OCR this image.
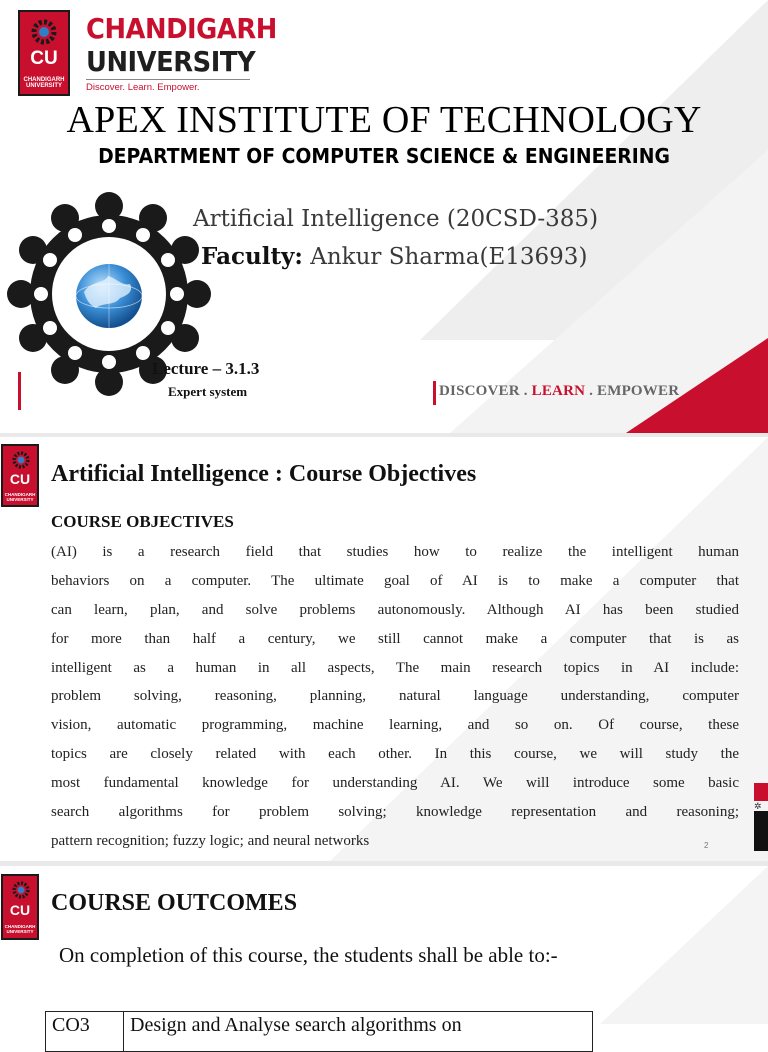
CU
CHANDIGARH
UNIVERSITY
CHANDIGARH
UNIVERSITY
Discover. Learn. Empower.
APEX INSTITUTE OF TECHNOLOGY
DEPARTMENT OF COMPUTER SCIENCE & ENGINEERING
Artificial Intelligence (20CSD-385)
Faculty: Ankur Sharma(E13693)
Lecture – 3.1.3
Expert system	DISCOVER . LEARN . EMPOWER
CU
CHANDIGARH
UNIVERSITY
Artificial Intelligence : Course Objectives
COURSE OBJECTIVES
(AI) is a research field that studies how to realize the intelligent human
behaviors on a computer. The ultimate goal of AI is to make a computer that
can learn, plan, and solve problems autonomously. Although AI has been studied
for more than half a century, we still cannot make a computer that is as
intelligent as a human in all aspects, The main research topics in AI include:
problem solving, reasoning, planning, natural language understanding, computer
vision, automatic programming, machine learning, and so on. Of course, these
topics are closely related with each other. In this course, we will study the
most fundamental knowledge for understanding AI. We will introduce some basic
search algorithms for problem solving; knowledge representation and reasoning;
pattern recognition; fuzzy logic; and neural networks	2
✲
CU
CHANDIGARH
UNIVERSITY
COURSE OUTCOMES
On completion of this course, the students shall be able to:-
CO3	Design and Analyse search algorithms on
